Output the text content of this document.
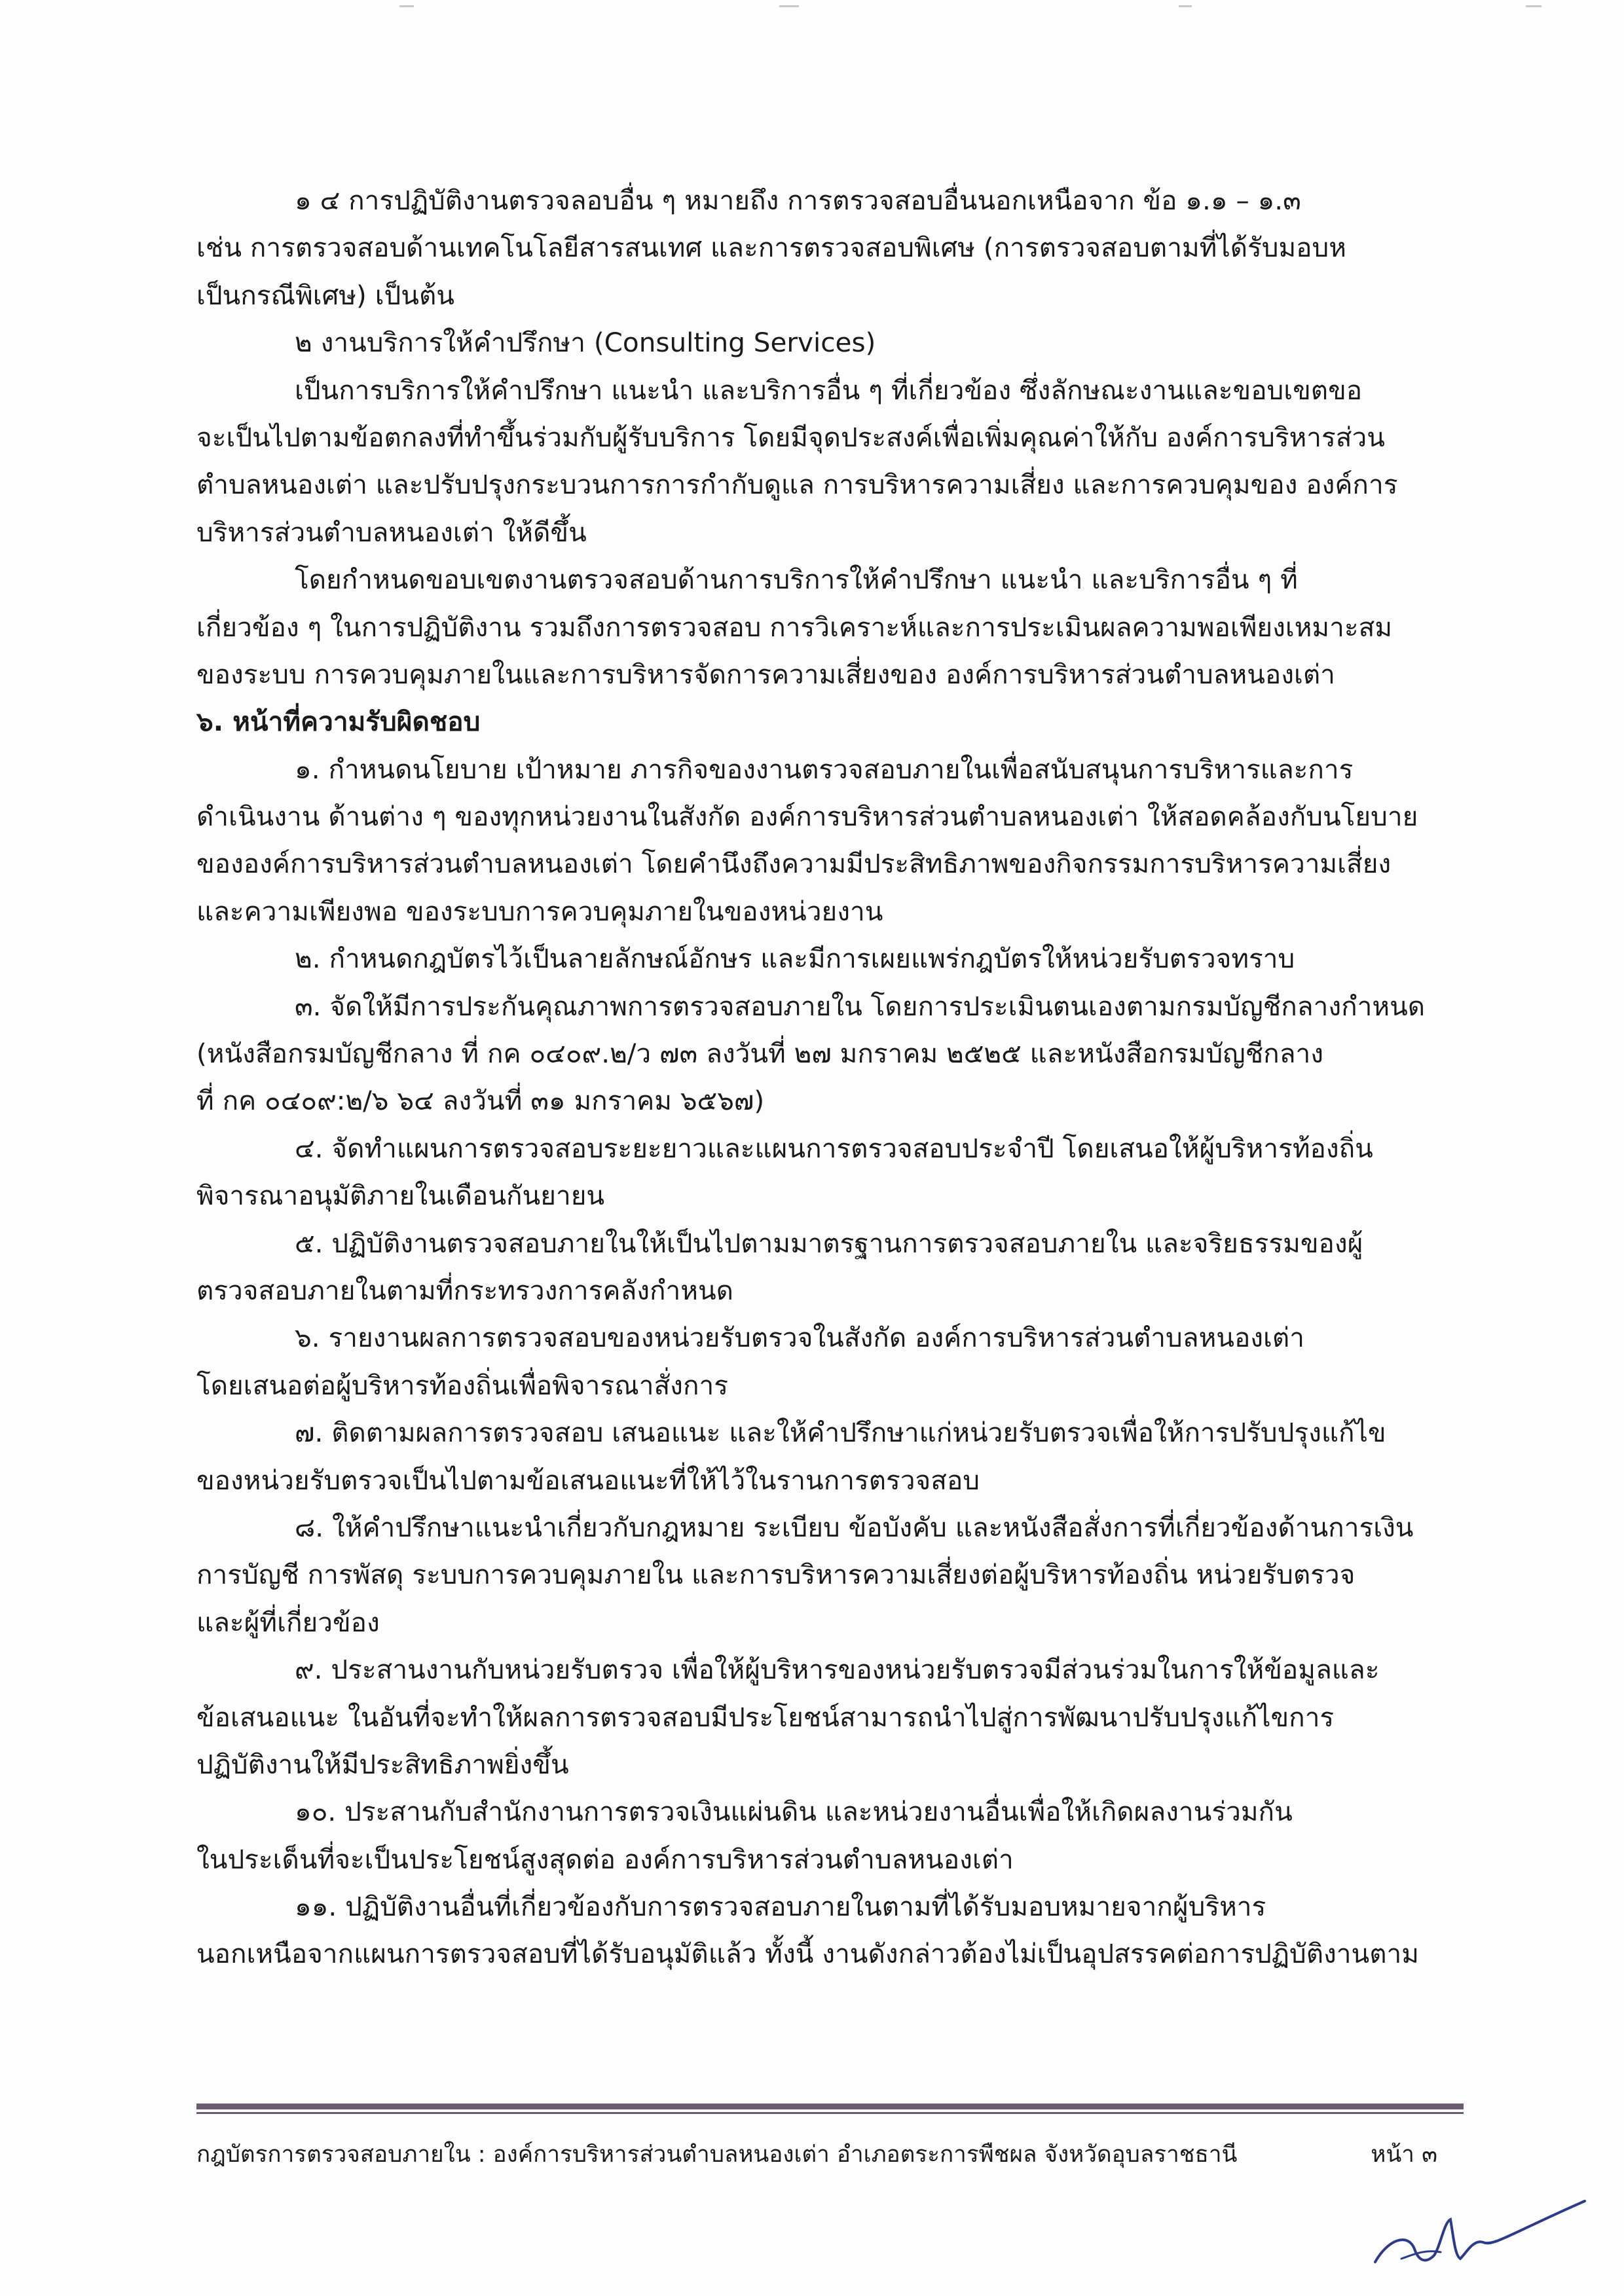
๑ ๔ การปฏิบัติงานตรวจลอบอื่น ๆ หมายถึง การตรวจสอบอื่นนอกเหนือจาก ข้อ ๑.๑ – ๑.๓
เช่น การตรวจสอบด้านเทคโนโลยีสารสนเทศ และการตรวจสอบพิเศษ (การตรวจสอบตามที่ได้รับมอบห
เป็นกรณีพิเศษ) เป็นต้น
๒ งานบริการให้คำปรึกษา (Consulting Services)
เป็นการบริการให้คำปรึกษา แนะนำ และบริการอื่น ๆ ที่เกี่ยวข้อง ซึ่งลักษณะงานและขอบเขตขอ
จะเป็นไปตามข้อตกลงที่ทำขึ้นร่วมกับผู้รับบริการ โดยมีจุดประสงค์เพื่อเพิ่มคุณค่าให้กับ องค์การบริหารส่วน
ตำบลหนองเต่า และปรับปรุงกระบวนการการกำกับดูแล การบริหารความเสี่ยง และการควบคุมของ องค์การ
บริหารส่วนตำบลหนองเต่า ให้ดีขึ้น
โดยกำหนดขอบเขตงานตรวจสอบด้านการบริการให้คำปรึกษา แนะนำ และบริการอื่น ๆ ที่
เกี่ยวข้อง ๆ ในการปฏิบัติงาน รวมถึงการตรวจสอบ การวิเคราะห์และการประเมินผลความพอเพียงเหมาะสม
ของระบบ การควบคุมภายในและการบริหารจัดการความเสี่ยงของ องค์การบริหารส่วนตำบลหนองเต่า
๖. หน้าที่ความรับผิดชอบ
๑. กำหนดนโยบาย เป้าหมาย ภารกิจของงานตรวจสอบภายในเพื่อสนับสนุนการบริหารและการ
ดำเนินงาน ด้านต่าง ๆ ของทุกหน่วยงานในสังกัด องค์การบริหารส่วนตำบลหนองเต่า ให้สอดคล้องกับนโยบาย
ขององค์การบริหารส่วนตำบลหนองเต่า โดยคำนึงถึงความมีประสิทธิภาพของกิจกรรมการบริหารความเสี่ยง
และความเพียงพอ ของระบบการควบคุมภายในของหน่วยงาน
๒. กำหนดกฎบัตรไว้เป็นลายลักษณ์อักษร และมีการเผยแพร่กฎบัตรให้หน่วยรับตรวจทราบ
๓. จัดให้มีการประกันคุณภาพการตรวจสอบภายใน โดยการประเมินตนเองตามกรมบัญชีกลางกำหนด
(หนังสือกรมบัญชีกลาง ที่ กค ๐๔๐๙.๒/ว ๗๓ ลงวันที่ ๒๗ มกราคม ๒๕๒๕ และหนังสือกรมบัญชีกลาง
ที่ กค ๐๔๐๙:๒/๖ ๖๔ ลงวันที่ ๓๑ มกราคม ๖๕๖๗)
๔. จัดทำแผนการตรวจสอบระยะยาวและแผนการตรวจสอบประจำปี โดยเสนอให้ผู้บริหารท้องถิ่น
พิจารณาอนุมัติภายในเดือนกันยายน
๕. ปฏิบัติงานตรวจสอบภายในให้เป็นไปตามมาตรฐานการตรวจสอบภายใน และจริยธรรมของผู้
ตรวจสอบภายในตามที่กระทรวงการคลังกำหนด
๖. รายงานผลการตรวจสอบของหน่วยรับตรวจในสังกัด องค์การบริหารส่วนตำบลหนองเต่า
โดยเสนอต่อผู้บริหารท้องถิ่นเพื่อพิจารณาสั่งการ
๗. ติดตามผลการตรวจสอบ เสนอแนะ และให้คำปรึกษาแก่หน่วยรับตรวจเพื่อให้การปรับปรุงแก้ไข
ของหน่วยรับตรวจเป็นไปตามข้อเสนอแนะที่ให้ไว้ในรานการตรวจสอบ
๘. ให้คำปรึกษาแนะนำเกี่ยวกับกฎหมาย ระเบียบ ข้อบังคับ และหนังสือสั่งการที่เกี่ยวข้องด้านการเงิน
การบัญชี การพัสดุ ระบบการควบคุมภายใน และการบริหารความเสี่ยงต่อผู้บริหารท้องถิ่น หน่วยรับตรวจ
และผู้ที่เกี่ยวข้อง
๙. ประสานงานกับหน่วยรับตรวจ เพื่อให้ผู้บริหารของหน่วยรับตรวจมีส่วนร่วมในการให้ข้อมูลและ
ข้อเสนอแนะ ในอันที่จะทำให้ผลการตรวจสอบมีประโยชน์สามารถนำไปสู่การพัฒนาปรับปรุงแก้ไขการ
ปฏิบัติงานให้มีประสิทธิภาพยิ่งขึ้น
๑๐. ประสานกับสำนักงานการตรวจเงินแผ่นดิน และหน่วยงานอื่นเพื่อให้เกิดผลงานร่วมกัน
ในประเด็นที่จะเป็นประโยชน์สูงสุดต่อ องค์การบริหารส่วนตำบลหนองเต่า
๑๑. ปฏิบัติงานอื่นที่เกี่ยวข้องกับการตรวจสอบภายในตามที่ได้รับมอบหมายจากผู้บริหาร
นอกเหนือจากแผนการตรวจสอบที่ได้รับอนุมัติแล้ว ทั้งนี้ งานดังกล่าวต้องไม่เป็นอุปสรรคต่อการปฏิบัติงานตาม
กฎบัตรการตรวจสอบภายใน : องค์การบริหารส่วนตำบลหนองเต่า อำเภอตระการพืชผล จังหวัดอุบลราชธานี	หน้า ๓
